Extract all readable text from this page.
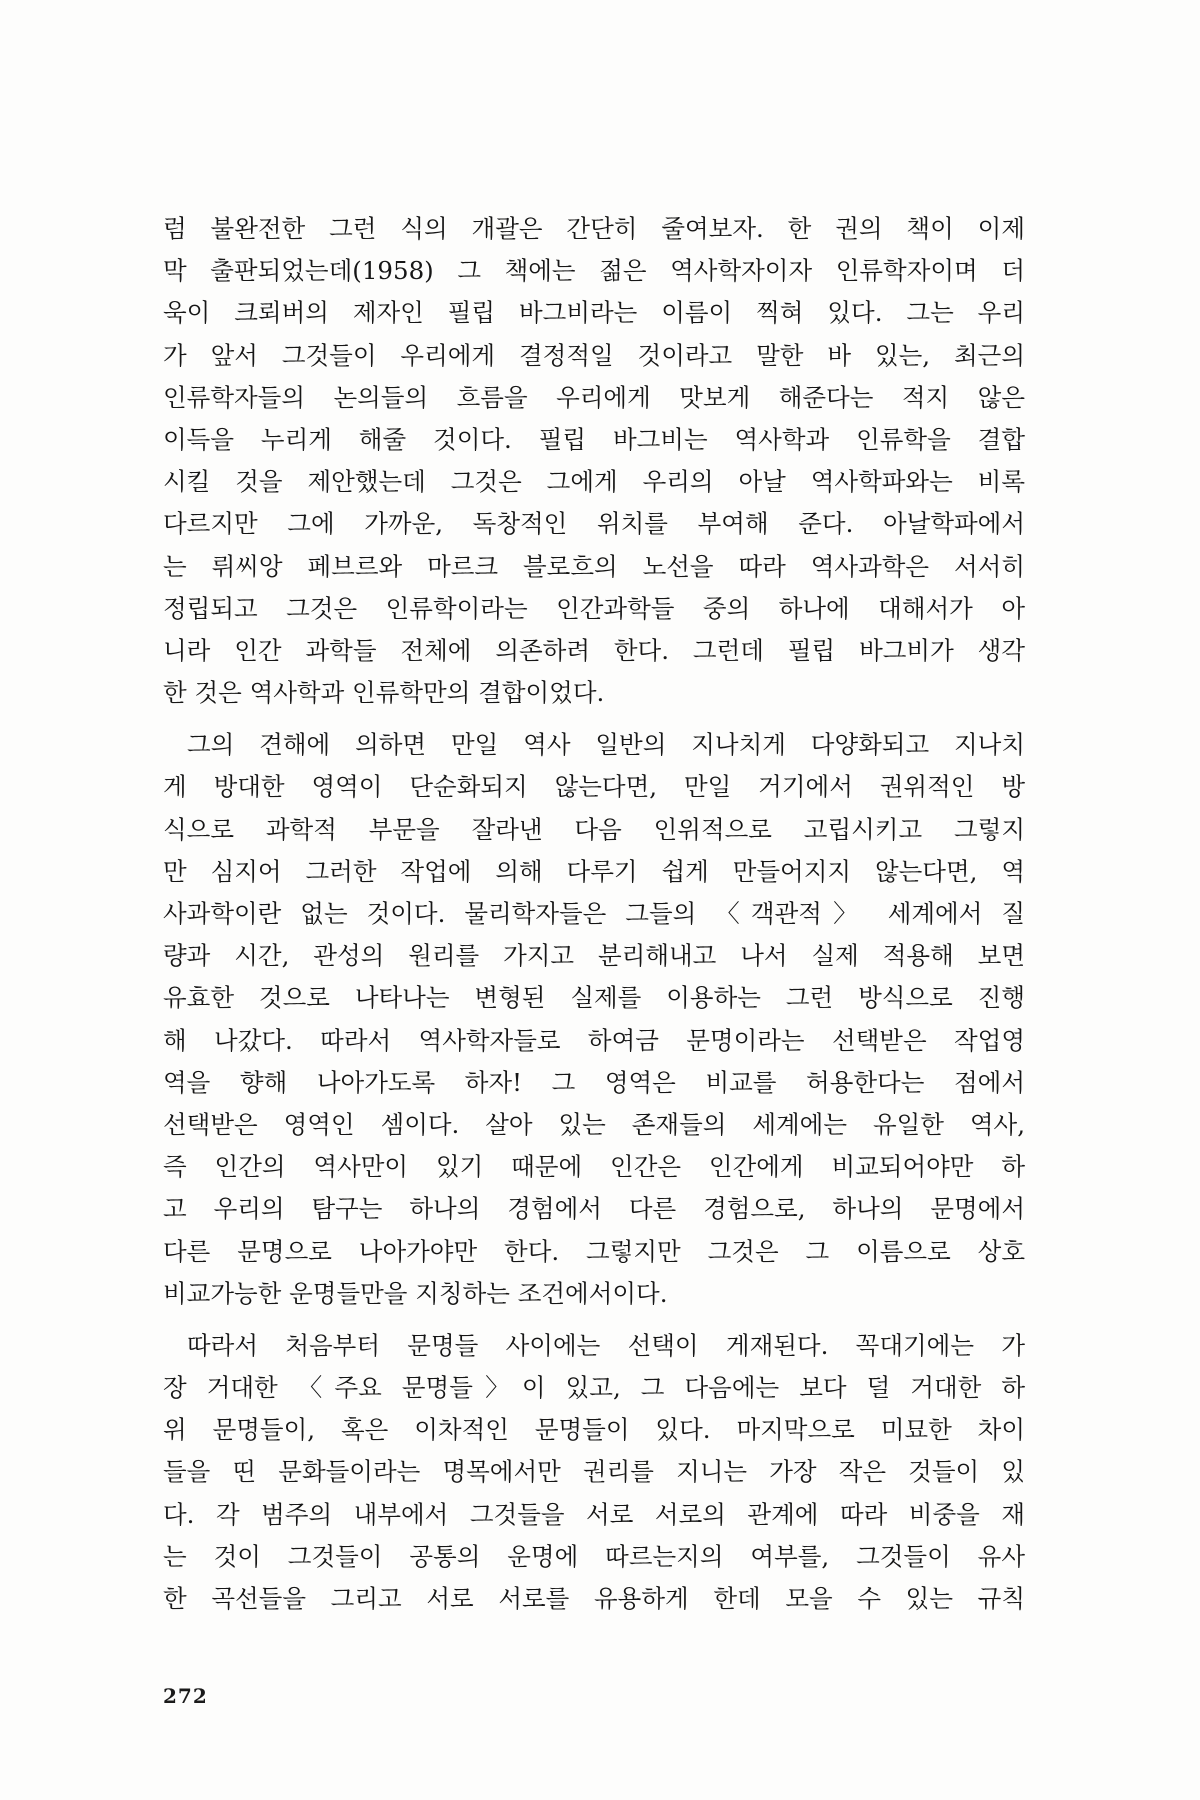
럼 불완전한 그런 식의 개괄은 간단히 줄여보자. 한 권의 책이 이제
막 출판되었는데(1958) 그 책에는 젊은 역사학자이자 인류학자이며 더
욱이 크뢰버의 제자인 필립 바그비라는 이름이 찍혀 있다. 그는 우리
가 앞서 그것들이 우리에게 결정적일 것이라고 말한 바 있는, 최근의
인류학자들의 논의들의 흐름을 우리에게 맛보게 해준다는 적지 않은
이득을 누리게 해줄 것이다. 필립 바그비는 역사학과 인류학을 결합
시킬 것을 제안했는데 그것은 그에게 우리의 아날 역사학파와는 비록
다르지만 그에 가까운, 독창적인 위치를 부여해 준다. 아날학파에서
는 뤼씨앙 페브르와 마르크 블로흐의 노선을 따라 역사과학은 서서히
정립되고 그것은 인류학이라는 인간과학들 중의 하나에 대해서가 아
니라 인간 과학들 전체에 의존하려 한다. 그런데 필립 바그비가 생각
한 것은 역사학과 인류학만의 결합이었다.
그의 견해에 의하면 만일 역사 일반의 지나치게 다양화되고 지나치
게 방대한 영역이 단순화되지 않는다면, 만일 거기에서 권위적인 방
식으로 과학적 부문을 잘라낸 다음 인위적으로 고립시키고 그렇지
만 심지어 그러한 작업에 의해 다루기 쉽게 만들어지지 않는다면, 역
사과학이란 없는 것이다. 물리학자들은 그들의 〈객관적〉 세계에서 질
량과 시간, 관성의 원리를 가지고 분리해내고 나서 실제 적용해 보면
유효한 것으로 나타나는 변형된 실제를 이용하는 그런 방식으로 진행
해 나갔다. 따라서 역사학자들로 하여금 문명이라는 선택받은 작업영
역을 향해 나아가도록 하자! 그 영역은 비교를 허용한다는 점에서
선택받은 영역인 셈이다. 살아 있는 존재들의 세계에는 유일한 역사,
즉 인간의 역사만이 있기 때문에 인간은 인간에게 비교되어야만 하
고 우리의 탐구는 하나의 경험에서 다른 경험으로, 하나의 문명에서
다른 문명으로 나아가야만 한다. 그렇지만 그것은 그 이름으로 상호
비교가능한 운명들만을 지칭하는 조건에서이다.
따라서 처음부터 문명들 사이에는 선택이 게재된다. 꼭대기에는 가
장 거대한 〈주요 문명들〉이 있고, 그 다음에는 보다 덜 거대한 하
위 문명들이, 혹은 이차적인 문명들이 있다. 마지막으로 미묘한 차이
들을 띤 문화들이라는 명목에서만 권리를 지니는 가장 작은 것들이 있
다. 각 범주의 내부에서 그것들을 서로 서로의 관계에 따라 비중을 재
는 것이 그것들이 공통의 운명에 따르는지의 여부를, 그것들이 유사
한 곡선들을 그리고 서로 서로를 유용하게 한데 모을 수 있는 규칙
272
